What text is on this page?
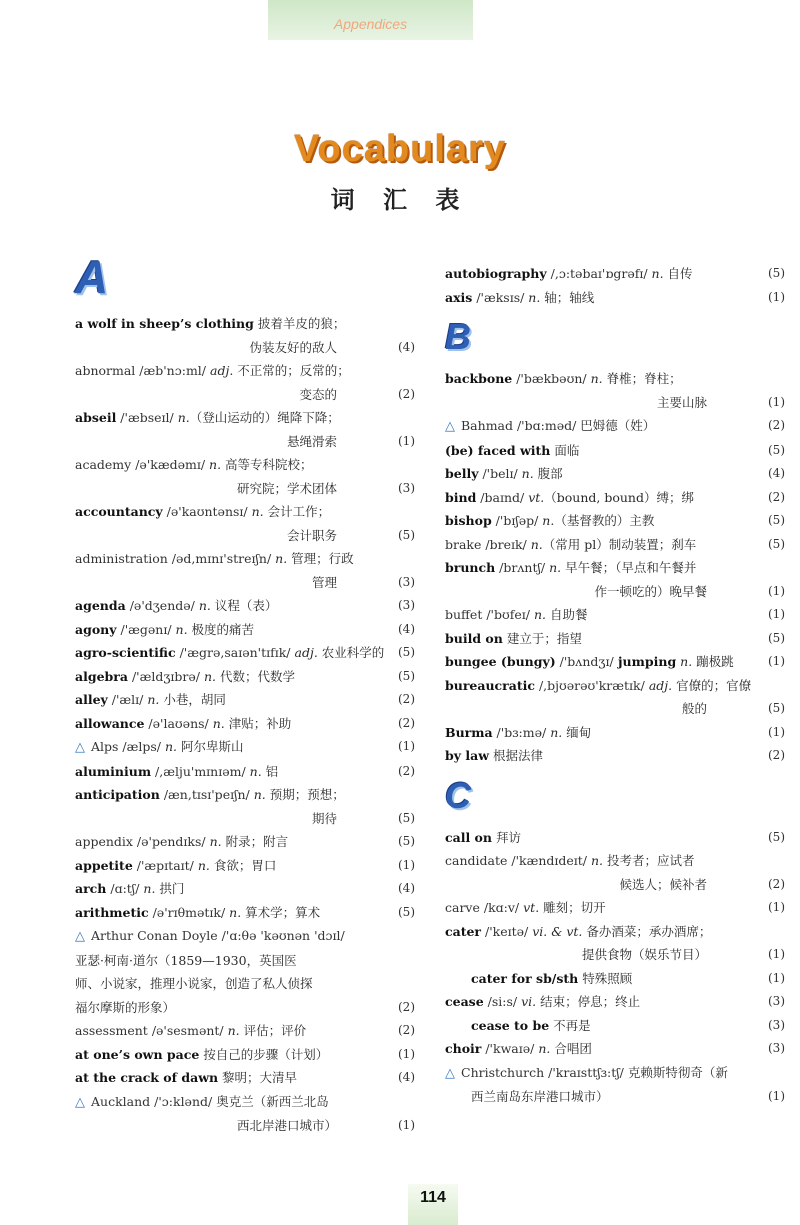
Appendices
Vocabulary
词 汇 表
A
a wolf in sheep’s clothing 披着羊皮的狼；
伪装友好的敌人	(4)
abnormal /æb'nɔ:ml/ adj. 不正常的；反常的；
变态的	(2)
abseil /'æbseɪl/ n.（登山运动的）绳降下降；
悬绳滑索	(1)
academy /ə'kædəmɪ/ n. 高等专科院校；
研究院；学术团体	(3)
accountancy /ə'kaʊntənsɪ/ n. 会计工作；
会计职务	(5)
administration /əd,mɪnɪ'streɪʃn/ n. 管理；行政
管理	(3)
agenda /ə'dʒendə/ n. 议程（表）	(3)
agony /'ægənɪ/ n. 极度的痛苦	(4)
agro-scientific /'ægrə,saɪən'tɪfɪk/ adj. 农业科学的	(5)
algebra /'ældʒɪbrə/ n. 代数；代数学	(5)
alley /'ælɪ/ n. 小巷，胡同	(2)
allowance /ə'laʊəns/ n. 津贴；补助	(2)
△ Alps /ælps/ n. 阿尔卑斯山	(1)
aluminium /,ælju'mɪnɪəm/ n. 铝	(2)
anticipation /æn,tɪsɪ'peɪʃn/ n. 预期；预想；
期待	(5)
appendix /ə'pendɪks/ n. 附录；附言	(5)
appetite /'æpɪtaɪt/ n. 食欲；胃口	(1)
arch /ɑ:tʃ/ n. 拱门	(4)
arithmetic /ə'rɪθmətɪk/ n. 算术学；算术	(5)
△ Arthur Conan Doyle /'ɑ:θə 'kəʊnən 'dɔɪl/
亚瑟·柯南·道尔（1859—1930，英国医
师、小说家，推理小说家，创造了私人侦探
福尔摩斯的形象）	(2)
assessment /ə'sesmənt/ n. 评估；评价	(2)
at one’s own pace 按自己的步骤（计划）	(1)
at the crack of dawn 黎明；大清早	(4)
△ Auckland /'ɔ:klənd/ 奥克兰（新西兰北岛
西北岸港口城市）	(1)
autobiography /,ɔ:təbaɪ'ɒgrəfɪ/ n. 自传	(5)
axis /'æksɪs/ n. 轴；轴线	(1)
B
backbone /'bækbəʊn/ n. 脊椎；脊柱；
主要山脉	(1)
△ Bahmad /'bɑ:məd/ 巴姆德（姓）	(2)
(be) faced with 面临	(5)
belly /'belɪ/ n. 腹部	(4)
bind /baɪnd/ vt.（bound, bound）缚；绑	(2)
bishop /'bɪʃəp/ n.（基督教的）主教	(5)
brake /breɪk/ n.（常用 pl）制动装置；刹车	(5)
brunch /brʌntʃ/ n. 早午餐；（早点和午餐并
作一顿吃的）晚早餐	(1)
buffet /'bʊfeɪ/ n. 自助餐	(1)
build on 建立于；指望	(5)
bungee (bungy) /'bʌndʒɪ/ jumping n. 蹦极跳	(1)
bureaucratic /,bjʊərəʊ'krætɪk/ adj. 官僚的；官僚
般的	(5)
Burma /'bɜ:mə/ n. 缅甸	(1)
by law 根据法律	(2)
C
call on 拜访	(5)
candidate /'kændɪdeɪt/ n. 投考者；应试者
候选人；候补者	(2)
carve /kɑ:v/ vt. 雕刻；切开	(1)
cater /'keɪtə/ vi. & vt. 备办酒菜；承办酒席；
提供食物（娱乐节目）	(1)
cater for sb/sth 特殊照顾	(1)
cease /si:s/ vi. 结束；停息；终止	(3)
cease to be 不再是	(3)
choir /'kwaɪə/ n. 合唱团	(3)
△ Christchurch /'kraɪsttʃɜ:tʃ/ 克赖斯特彻奇（新
西兰南岛东岸港口城市）	(1)
114
